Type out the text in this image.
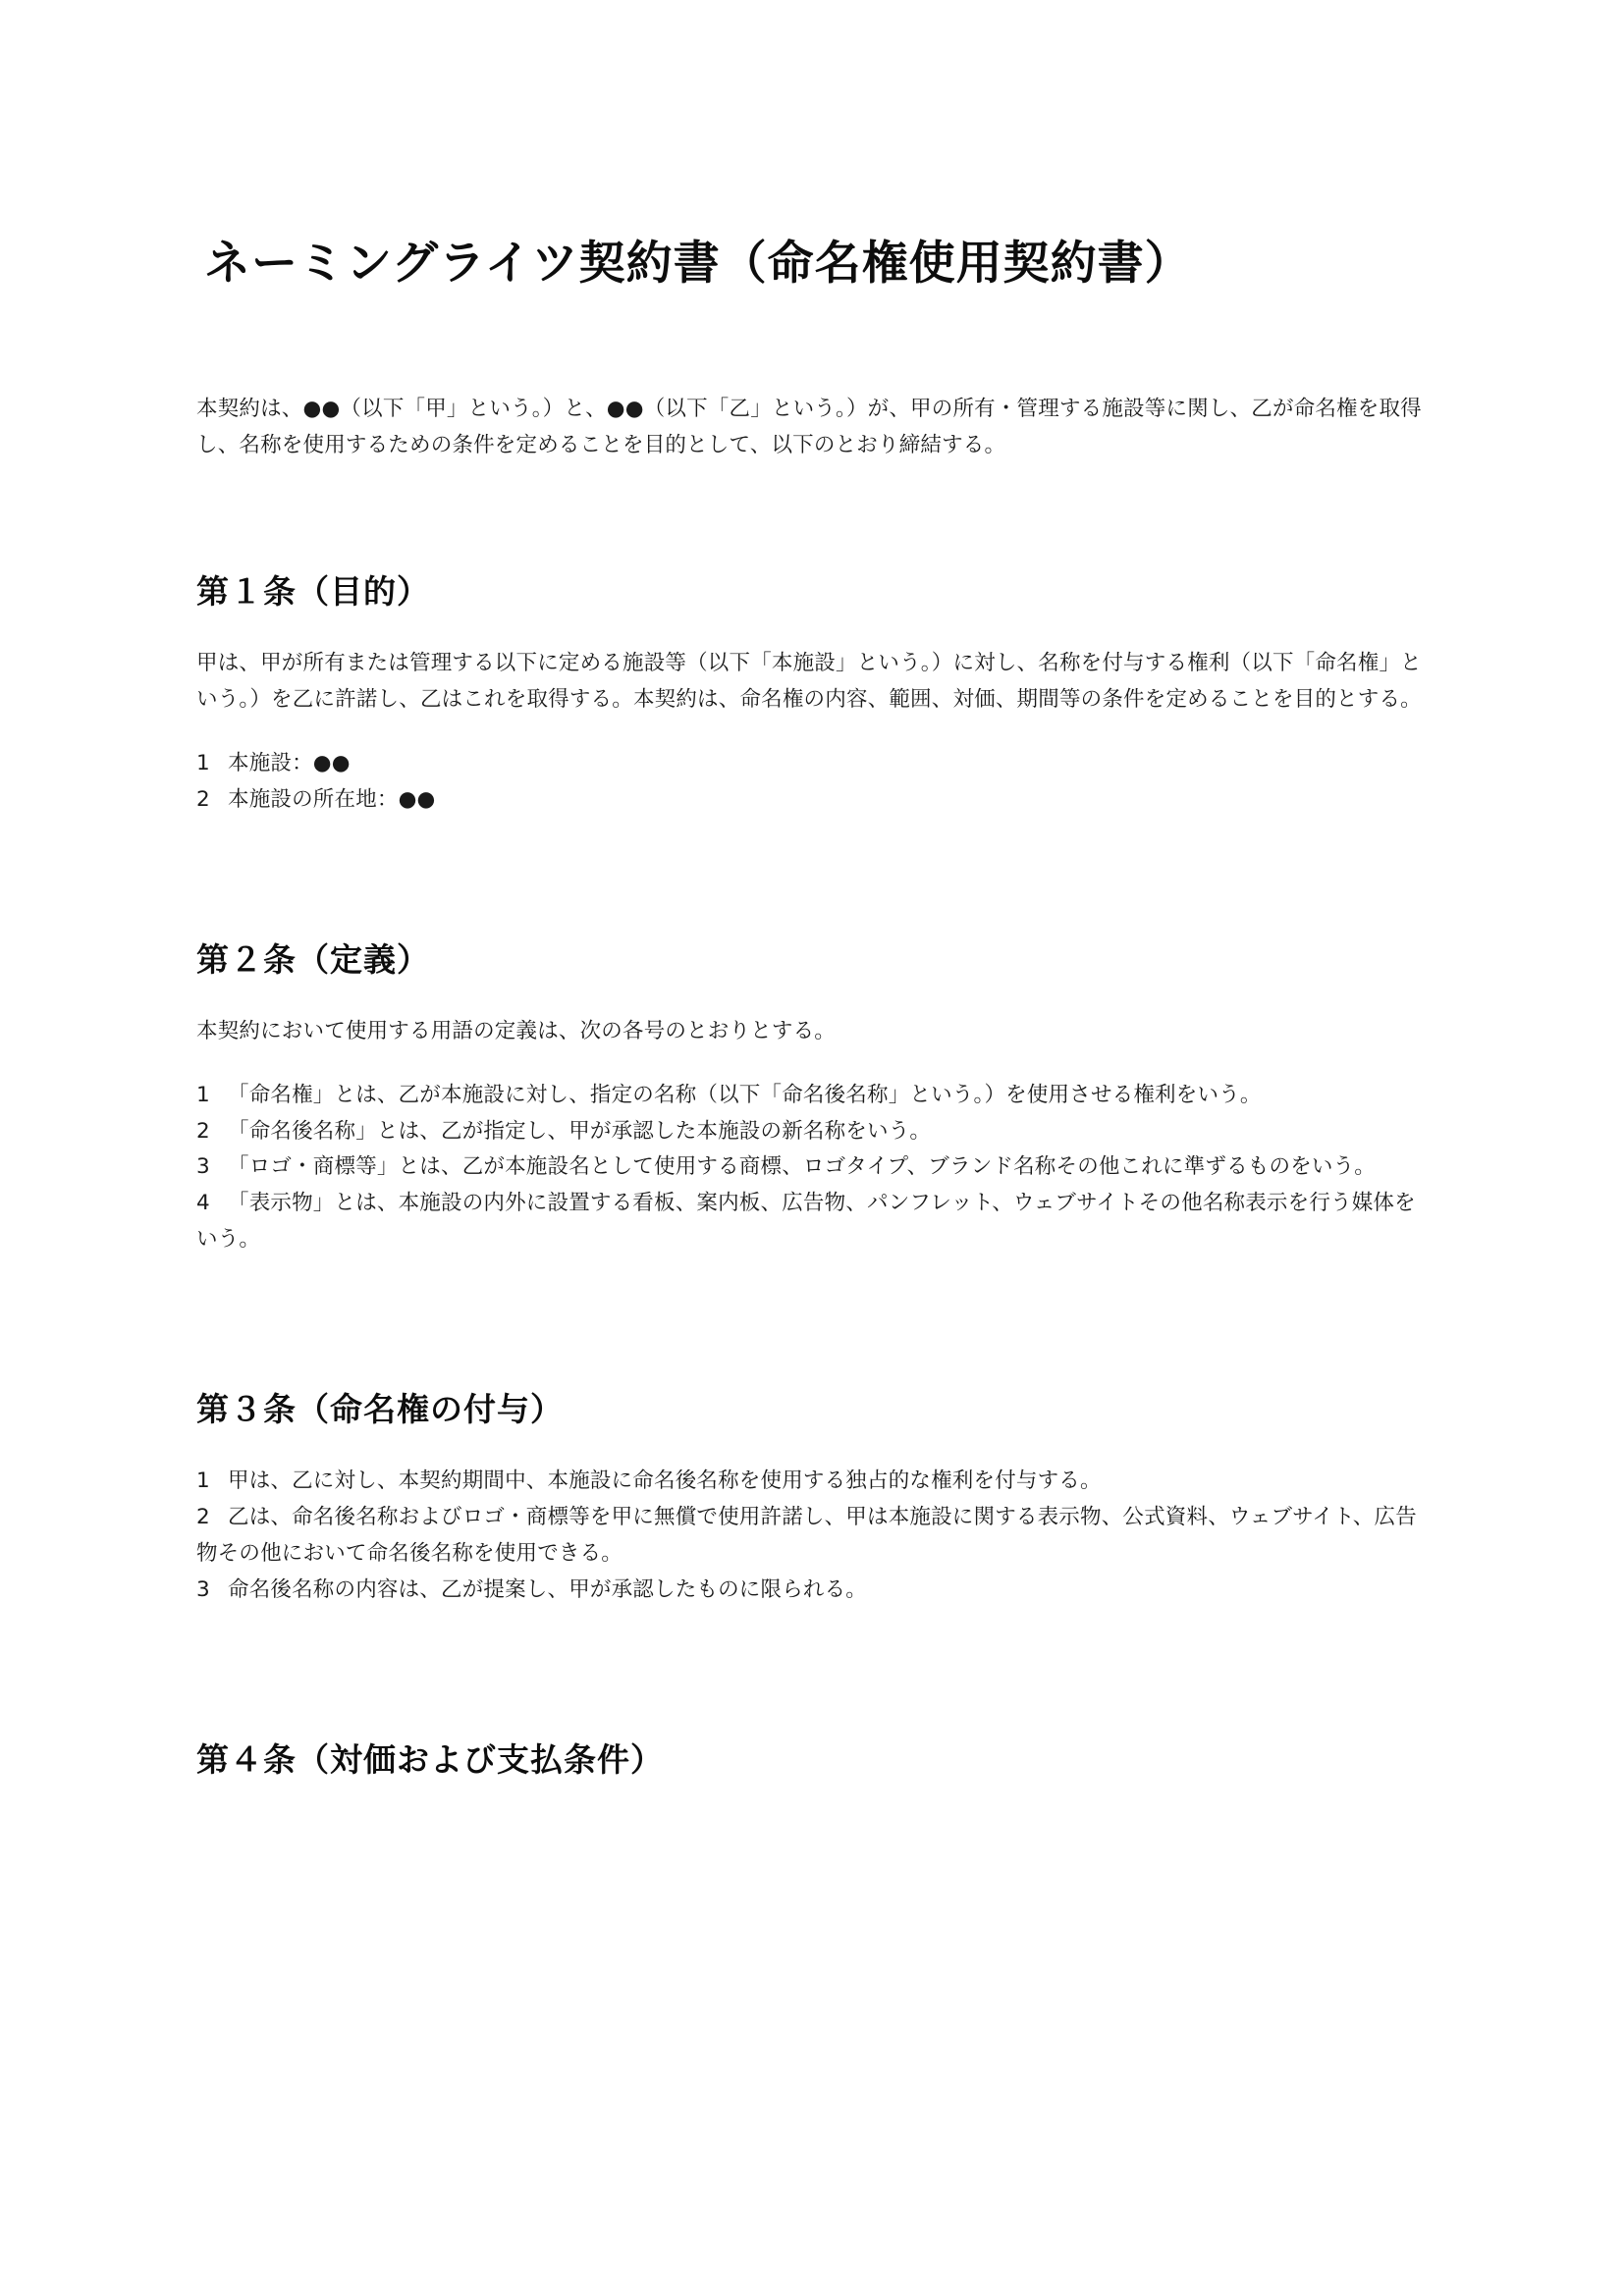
ネーミングライツ契約書（命名権使用契約書）

本契約は、●●（以下「甲」という。）と、●●（以下「乙」という。）が、甲の所有・管理する施設等に関し、乙が命名権を取得し、名称を使用するための条件を定めることを目的として、以下のとおり締結する。

第１条（目的）

甲は、甲が所有または管理する以下に定める施設等（以下「本施設」という。）に対し、名称を付与する権利（以下「命名権」という。）を乙に許諾し、乙はこれを取得する。本契約は、命名権の内容、範囲、対価、期間等の条件を定めることを目的とする。

1 本施設：●●
2 本施設の所在地：●●
第２条（定義）

本契約において使用する用語の定義は、次の各号のとおりとする。

1 「命名権」とは、乙が本施設に対し、指定の名称（以下「命名後名称」という。）を使用させる権利をいう。
2 「命名後名称」とは、乙が指定し、甲が承認した本施設の新名称をいう。
3 「ロゴ・商標等」とは、乙が本施設名として使用する商標、ロゴタイプ、ブランド名称その他これに準ずるものをいう。
4 「表示物」とは、本施設の内外に設置する看板、案内板、広告物、パンフレット、ウェブサイトその他名称表示を行う媒体をいう。
第３条（命名権の付与）
1 甲は、乙に対し、本契約期間中、本施設に命名後名称を使用する独占的な権利を付与する。
2 乙は、命名後名称およびロゴ・商標等を甲に無償で使用許諾し、甲は本施設に関する表示物、公式資料、ウェブサイト、広告物その他において命名後名称を使用できる。
3 命名後名称の内容は、乙が提案し、甲が承認したものに限られる。
第４条（対価および支払条件）
